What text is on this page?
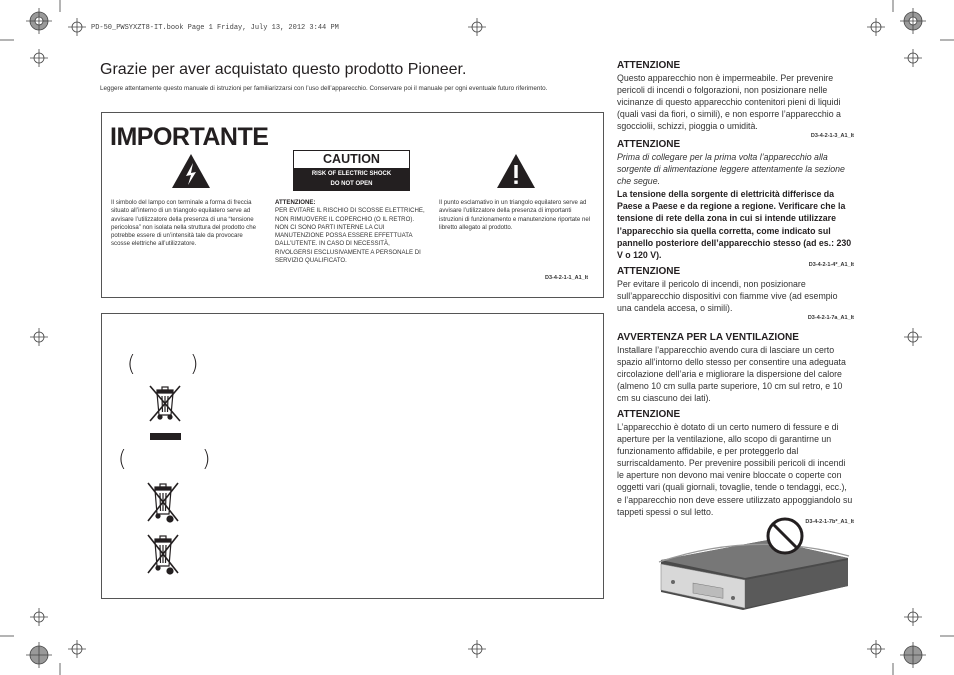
PD-50_PWSYXZT8-IT.book Page 1 Friday, July 13, 2012 3:44 PM
Grazie per aver acquistato questo prodotto Pioneer.
Leggere attentamente questo manuale di istruzioni per familiarizzarsi con l’uso dell’apparecchio. Conservare poi il manuale per ogni eventuale futuro riferimento.
IMPORTANTE
CAUTION
RISK OF ELECTRIC SHOCK
DO NOT OPEN
Il simbolo del lampo con terminale a forma di freccia situato all’interno di un triangolo equilatero serve ad avvisare l’utilizzatore della presenza di una “tensione pericolosa” non isolata nella struttura del prodotto che potrebbe essere di un’intensità tale da provocare scosse elettriche all’utilizzatore.
ATTENZIONE:
PER EVITARE IL RISCHIO DI SCOSSE ELETTRICHE, NON RIMUOVERE IL COPERCHIO (O IL RETRO). NON CI SONO PARTI INTERNE LA CUI MANUTENZIONE POSSA ESSERE EFFETTUATA DALL’UTENTE. IN CASO DI NECESSITÀ, RIVOLGERSI ESCLUSIVAMENTE A PERSONALE DI SERVIZIO QUALIFICATO.
Il punto esclamativo in un triangolo equilatero serve ad avvisare l’utilizzatore della presenza di importanti istruzioni di funzionamento e manutenzione riportate nel libretto allegato al prodotto.
D3-4-2-1-1_A1_It
( )
(	)
ATTENZIONE
Questo apparecchio non è impermeabile. Per prevenire pericoli di incendi o folgorazioni, non posizionare nelle vicinanze di questo apparecchio contenitori pieni di liquidi (quali vasi da fiori, o simili), e non esporre l’apparecchio a sgocciolii, schizzi, pioggia o umidità.
D3-4-2-1-3_A1_It
ATTENZIONE
Prima di collegare per la prima volta l’apparecchio alla sorgente di alimentazione leggere attentamente la sezione che segue.
La tensione della sorgente di elettricità differisce da Paese a Paese e da regione a regione. Verificare che la tensione di rete della zona in cui si intende utilizzare l’apparecchio sia quella corretta, come indicato sul pannello posteriore dell’apparecchio stesso (ad es.: 230 V o 120 V).
D3-4-2-1-4*_A1_It
ATTENZIONE
Per evitare il pericolo di incendi, non posizionare sull’apparecchio dispositivi con fiamme vive (ad esempio una candela accesa, o simili).
D3-4-2-1-7a_A1_It
AVVERTENZA PER LA VENTILAZIONE
Installare l’apparecchio avendo cura di lasciare un certo spazio all’intorno dello stesso per consentire una adeguata circolazione dell’aria e migliorare la dispersione del calore (almeno 10 cm sulla parte superiore, 10 cm sul retro, e 10 cm su ciascuno dei lati).
ATTENZIONE
L’apparecchio è dotato di un certo numero di fessure e di aperture per la ventilazione, allo scopo di garantirne un funzionamento affidabile, e per proteggerlo dal surriscaldamento. Per prevenire possibili pericoli di incendi le aperture non devono mai venire bloccate o coperte con oggetti vari (quali giornali, tovaglie, tende o tendaggi, ecc.), e l’apparecchio non deve essere utilizzato appoggiandolo su tappeti spessi o sul letto.
D3-4-2-1-7b*_A1_It
